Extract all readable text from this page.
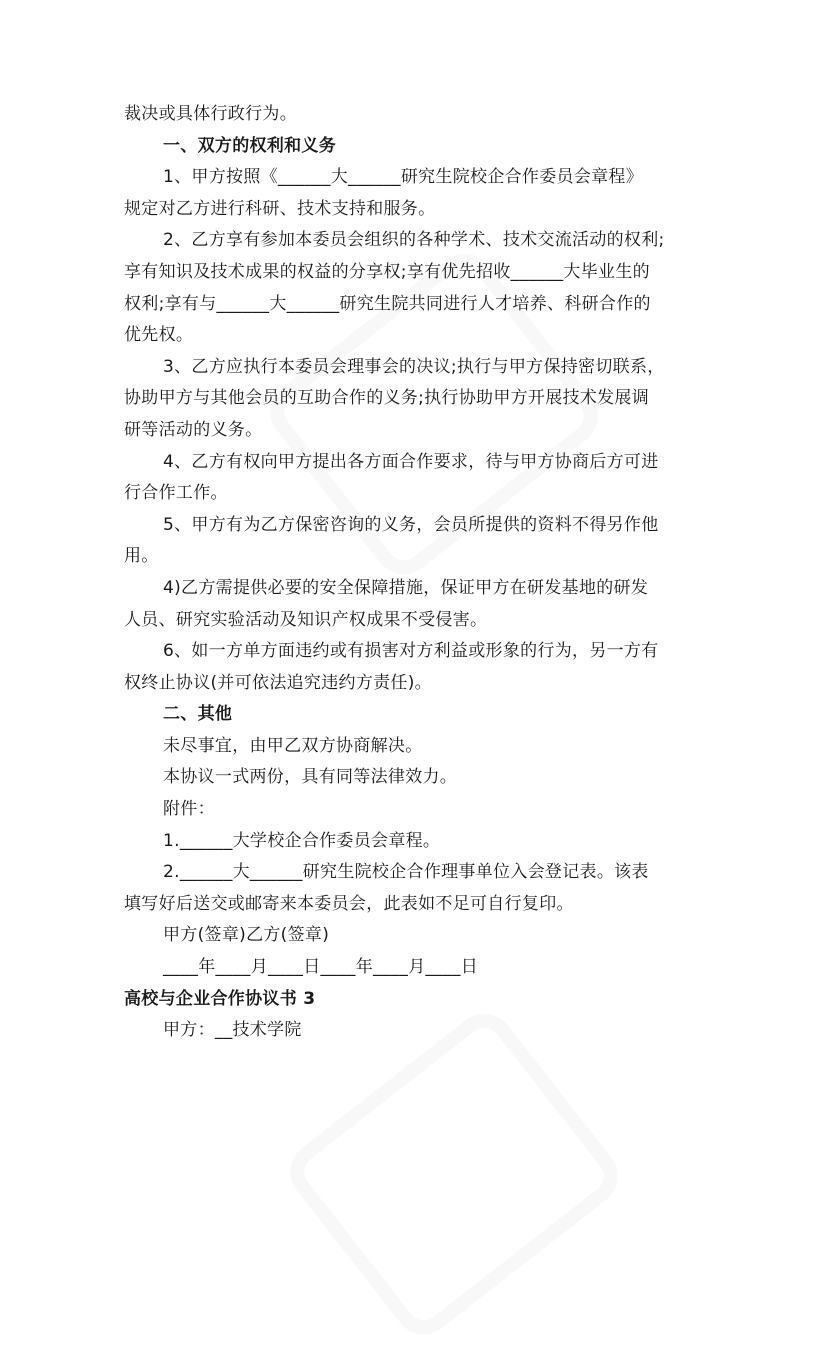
裁决或具体行政行为。
一、双方的权利和义务
1、甲方按照《______大______研究生院校企合作委员会章程》
规定对乙方进行科研、技术支持和服务。
2、乙方享有参加本委员会组织的各种学术、技术交流活动的权利;
享有知识及技术成果的权益的分享权;享有优先招收______大毕业生的
权利;享有与______大______研究生院共同进行人才培养、科研合作的
优先权。
3、乙方应执行本委员会理事会的决议;执行与甲方保持密切联系，
协助甲方与其他会员的互助合作的义务;执行协助甲方开展技术发展调
研等活动的义务。
4、乙方有权向甲方提出各方面合作要求，待与甲方协商后方可进
行合作工作。
5、甲方有为乙方保密咨询的义务，会员所提供的资料不得另作他
用。
4)乙方需提供必要的安全保障措施，保证甲方在研发基地的研发
人员、研究实验活动及知识产权成果不受侵害。
6、如一方单方面违约或有损害对方利益或形象的行为，另一方有
权终止协议(并可依法追究违约方责任)。
二、其他
未尽事宜，由甲乙双方协商解决。
本协议一式两份，具有同等法律效力。
附件：
1.______大学校企合作委员会章程。
2.______大______研究生院校企合作理事单位入会登记表。该表
填写好后送交或邮寄来本委员会，此表如不足可自行复印。
甲方(签章)乙方(签章)
____年____月____日____年____月____日
高校与企业合作协议书 3
甲方：__技术学院
